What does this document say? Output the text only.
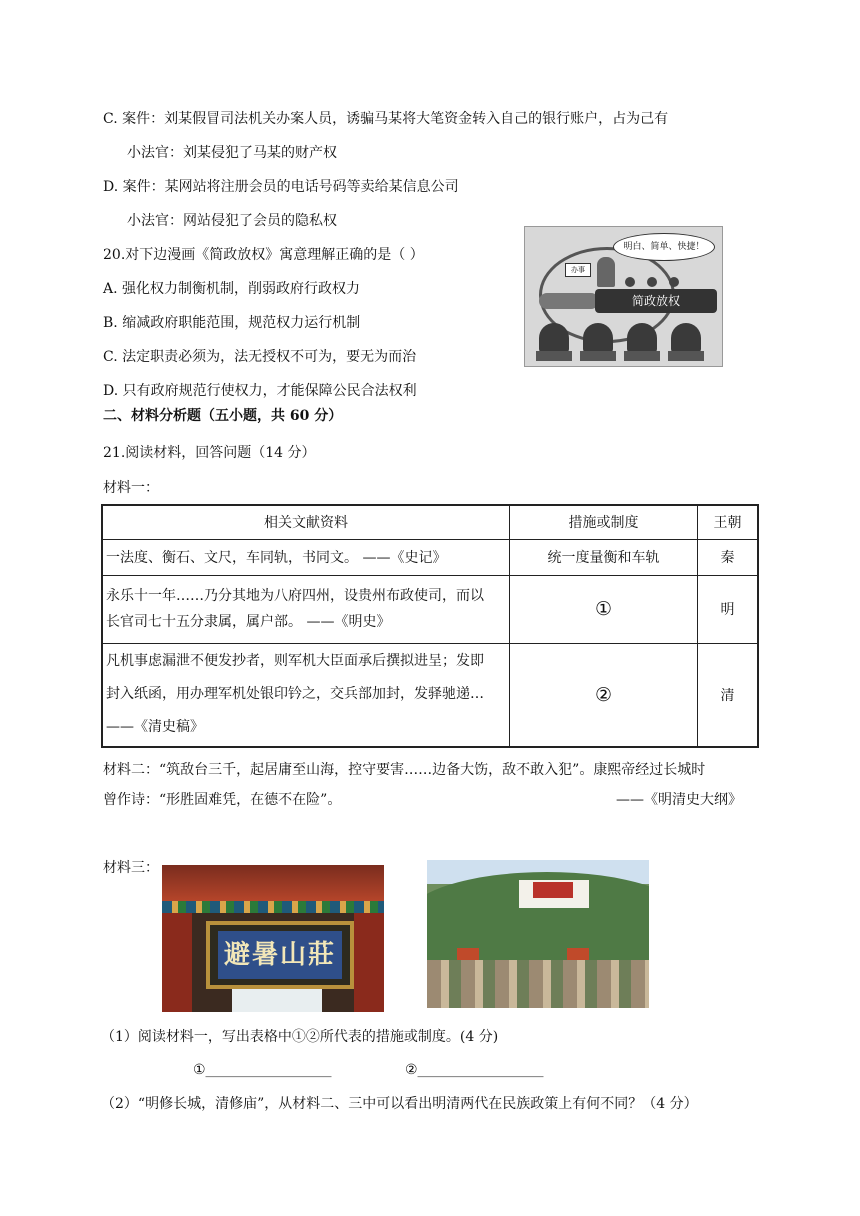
C. 案件：刘某假冒司法机关办案人员，诱骗马某将大笔资金转入自己的银行账户，占为己有
小法官：刘某侵犯了马某的财产权
D. 案件：某网站将注册会员的电话号码等卖给某信息公司
小法官：网站侵犯了会员的隐私权
20.对下边漫画《简政放权》寓意理解正确的是（ ）
A. 强化权力制衡机制，削弱政府行政权力
B. 缩减政府职能范围，规范权力运行机制
C. 法定职责必须为，法无授权不可为，要无为而治
D. 只有政府规范行使权力，才能保障公民合法权利
明白、简单、快捷！
办事
简政放权
二、材料分析题（五小题，共 60 分）
21.阅读材料，回答问题（14 分）
材料一：
相关文献资料	措施或制度	王朝

一法度、衡石、文尺，车同轨，书同文。 ——《史记》	统一度量衡和车轨	秦

永乐十一年……乃分其地为八府四州，设贵州布政使司，而以
长官司七十五分隶属，属户部。 ——《明史》	①	明

凡机事虑漏泄不便发抄者，则军机大臣面承后撰拟进呈；发即
封入纸函，用办理军机处银印钤之，交兵部加封，发驿驰递…
——《清史稿》	②	清
材料二：“筑敌台三千，起居庸至山海，控守要害……边备大饬，敌不敢入犯”。康熙帝经过长城时
曾作诗：“形胜固难凭，在德不在险”。	——《明清史大纲》
材料三：
避暑山莊
（1）阅读材料一，写出表格中①②所代表的措施或制度。(4 分)
①__________________	②__________________
（2）“明修长城，清修庙”，从材料二、三中可以看出明清两代在民族政策上有何不同？（4 分）
